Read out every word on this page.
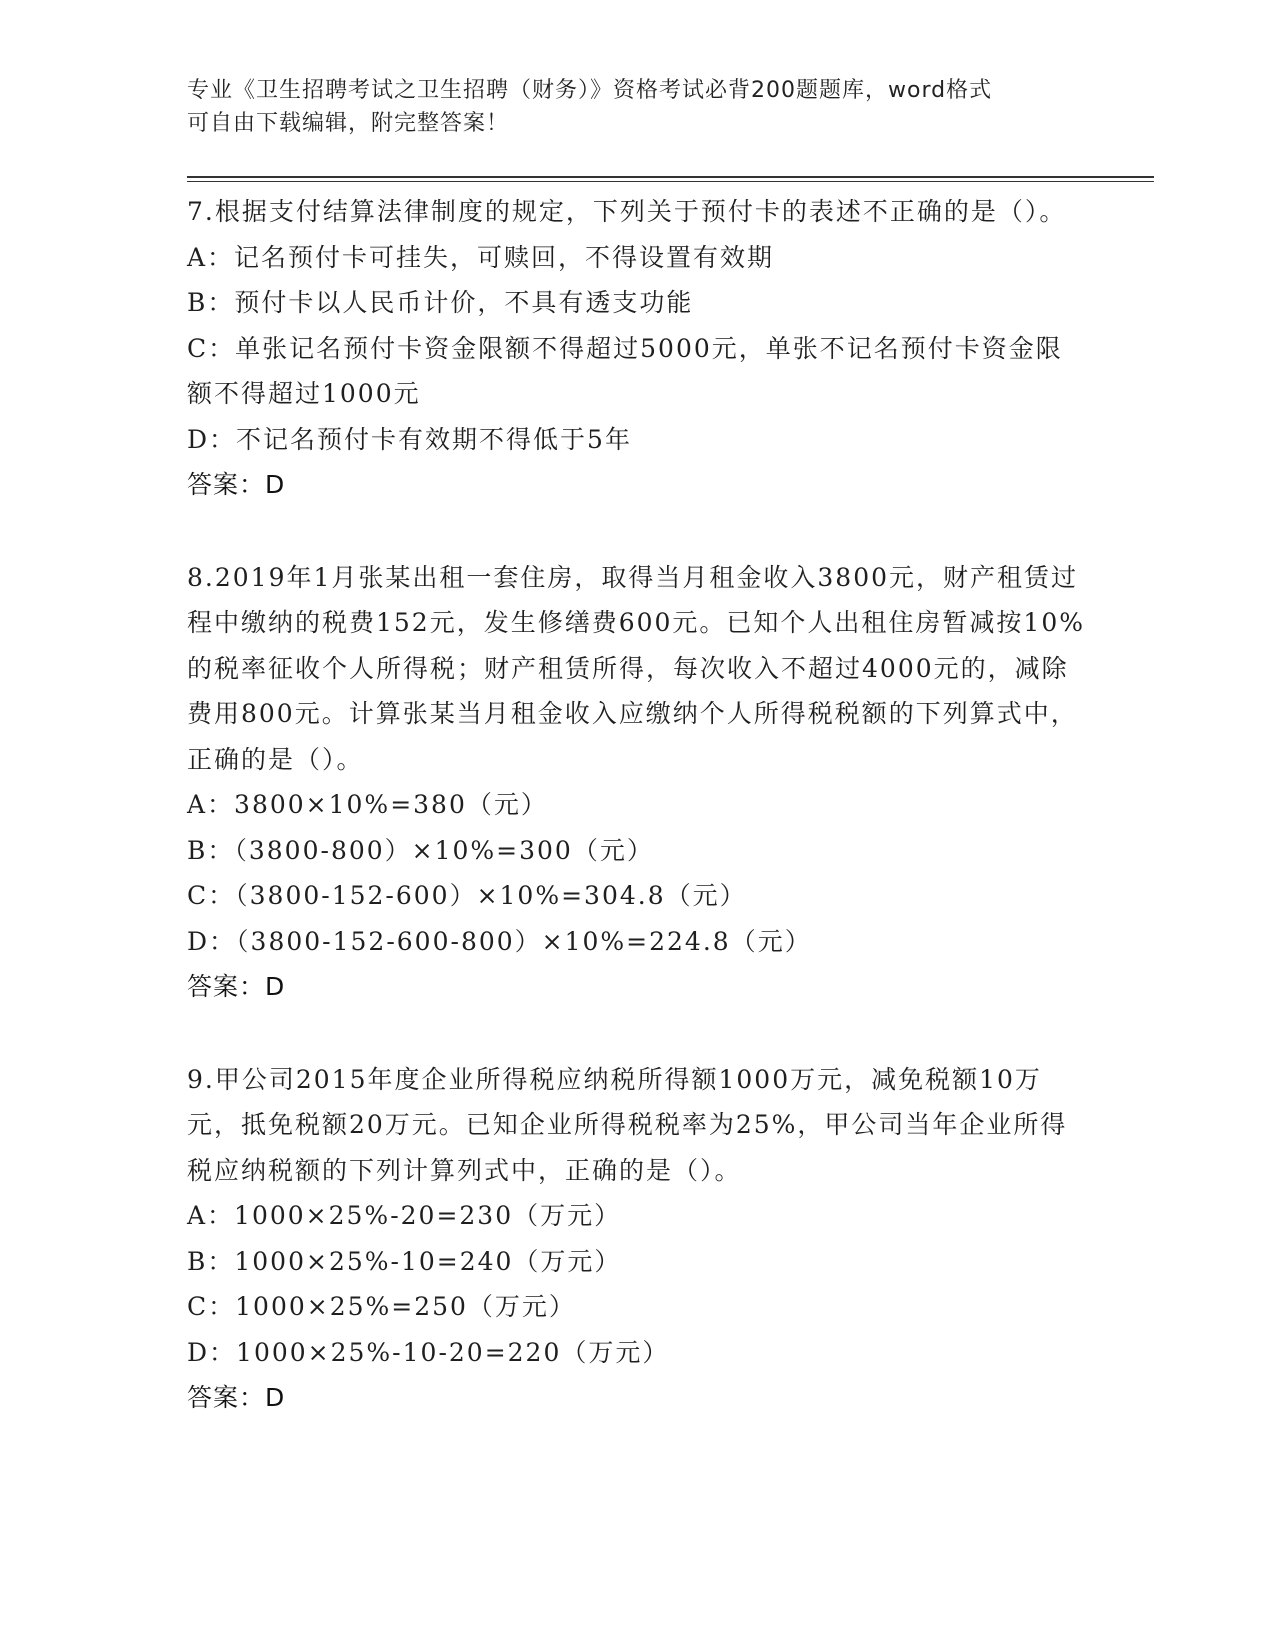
专业《卫生招聘考试之卫生招聘（财务）》资格考试必背200题题库，word格式
可自由下载编辑，附完整答案！

7.根据支付结算法律制度的规定，下列关于预付卡的表述不正确的是（）。

A：记名预付卡可挂失，可赎回，不得设置有效期

B：预付卡以人民币计价，不具有透支功能

C：单张记名预付卡资金限额不得超过5000元，单张不记名预付卡资金限额不得超过1000元

D：不记名预付卡有效期不得低于5年

答案：D

8.2019年1月张某出租一套住房，取得当月租金收入3800元，财产租赁过程中缴纳的税费152元，发生修缮费600元。已知个人出租住房暂减按10%的税率征收个人所得税；财产租赁所得，每次收入不超过4000元的，减除费用800元。计算张某当月租金收入应缴纳个人所得税税额的下列算式中，正确的是（）。

A：3800×10%=380（元）

B：（3800-800）×10%=300（元）

C：（3800-152-600）×10%=304.8（元）

D：（3800-152-600-800）×10%=224.8（元）

答案：D

9.甲公司2015年度企业所得税应纳税所得额1000万元，减免税额10万元，抵免税额20万元。已知企业所得税税率为25%，甲公司当年企业所得税应纳税额的下列计算列式中，正确的是（）。

A：1000×25%-20=230（万元）

B：1000×25%-10=240（万元）

C：1000×25%=250（万元）

D：1000×25%-10-20=220（万元）

答案：D
